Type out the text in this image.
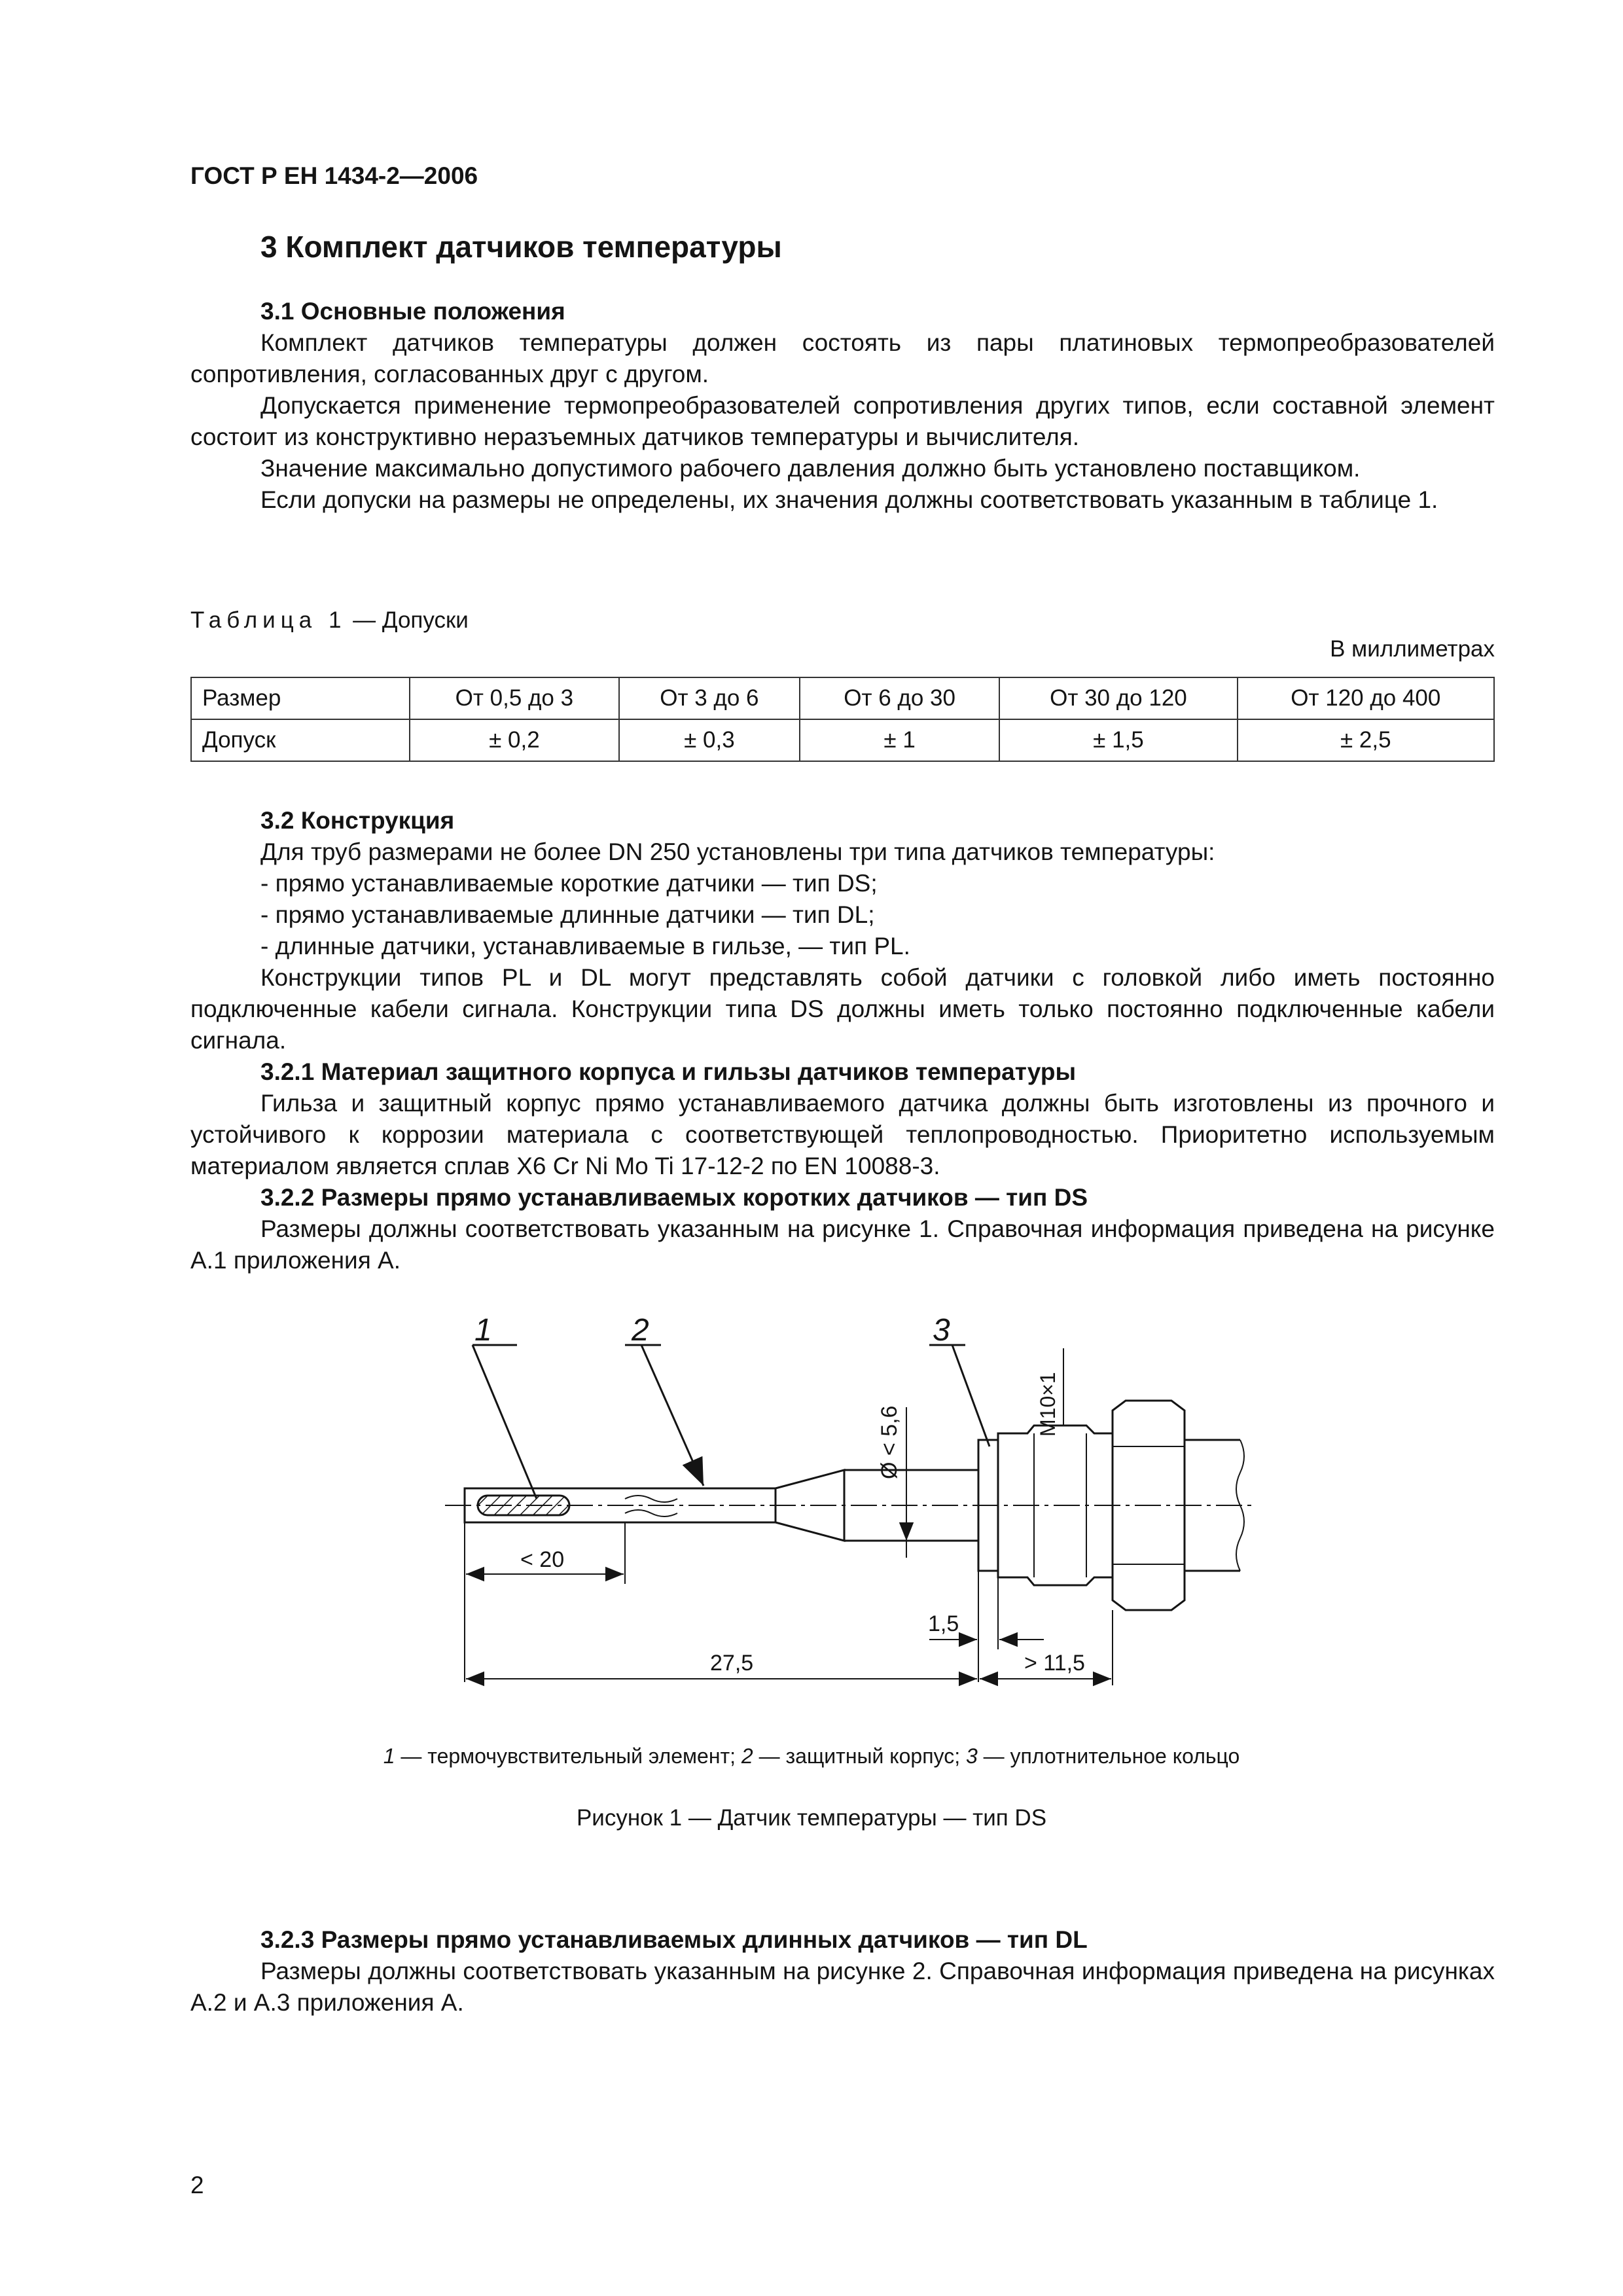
ГОСТ Р ЕН 1434-2—2006
3 Комплект датчиков температуры

3.1 Основные положения

Комплект датчиков температуры должен состоять из пары платиновых термопреобразователей сопротивления, согласованных друг с другом.

Допускается применение термопреобразователей сопротивления других типов, если составной элемент состоит из конструктивно неразъемных датчиков температуры и вычислителя.

Значение максимально допустимого рабочего давления должно быть установлено поставщиком.

Если допуски на размеры не определены, их значения должны соответствовать указанным в таблице 1.

Таблица 1 — Допуски
В миллиметрах
Размер	От 0,5 до 3	От 3 до 6	От 6 до 30	От 30 до 120	От 120 до 400
Допуск	± 0,2	± 0,3	± 1	± 1,5	± 2,5

3.2 Конструкция

Для труб размерами не более DN 250 установлены три типа датчиков температуры:

- прямо устанавливаемые короткие датчики — тип DS;

- прямо устанавливаемые длинные датчики — тип DL;

- длинные датчики, устанавливаемые в гильзе, — тип PL.

Конструкции типов PL и DL могут представлять собой датчики с головкой либо иметь постоянно подключенные кабели сигнала. Конструкции типа DS должны иметь только постоянно подключенные кабели сигнала.

3.2.1 Материал защитного корпуса и гильзы датчиков температуры

Гильза и защитный корпус прямо устанавливаемого датчика должны быть изготовлены из прочного и устойчивого к коррозии материала с соответствующей теплопроводностью. Приоритетно используемым материалом является сплав X6 Cr Ni Mo Ti 17-12-2 по EN 10088-3.

3.2.2 Размеры прямо устанавливаемых коротких датчиков — тип DS

Размеры должны соответствовать указанным на рисунке 1. Справочная информация приведена на рисунке А.1 приложения А.

1	2	3
Ø < 5,6
M10×1
< 20
1,5
27,5	> 11,5
1 — термочувствительный элемент; 2 — защитный корпус; 3 — уплотнительное кольцо
Рисунок 1 — Датчик температуры — тип DS

3.2.3 Размеры прямо устанавливаемых длинных датчиков — тип DL

Размеры должны соответствовать указанным на рисунке 2. Справочная информация приведена на рисунках А.2 и А.3 приложения А.

2
